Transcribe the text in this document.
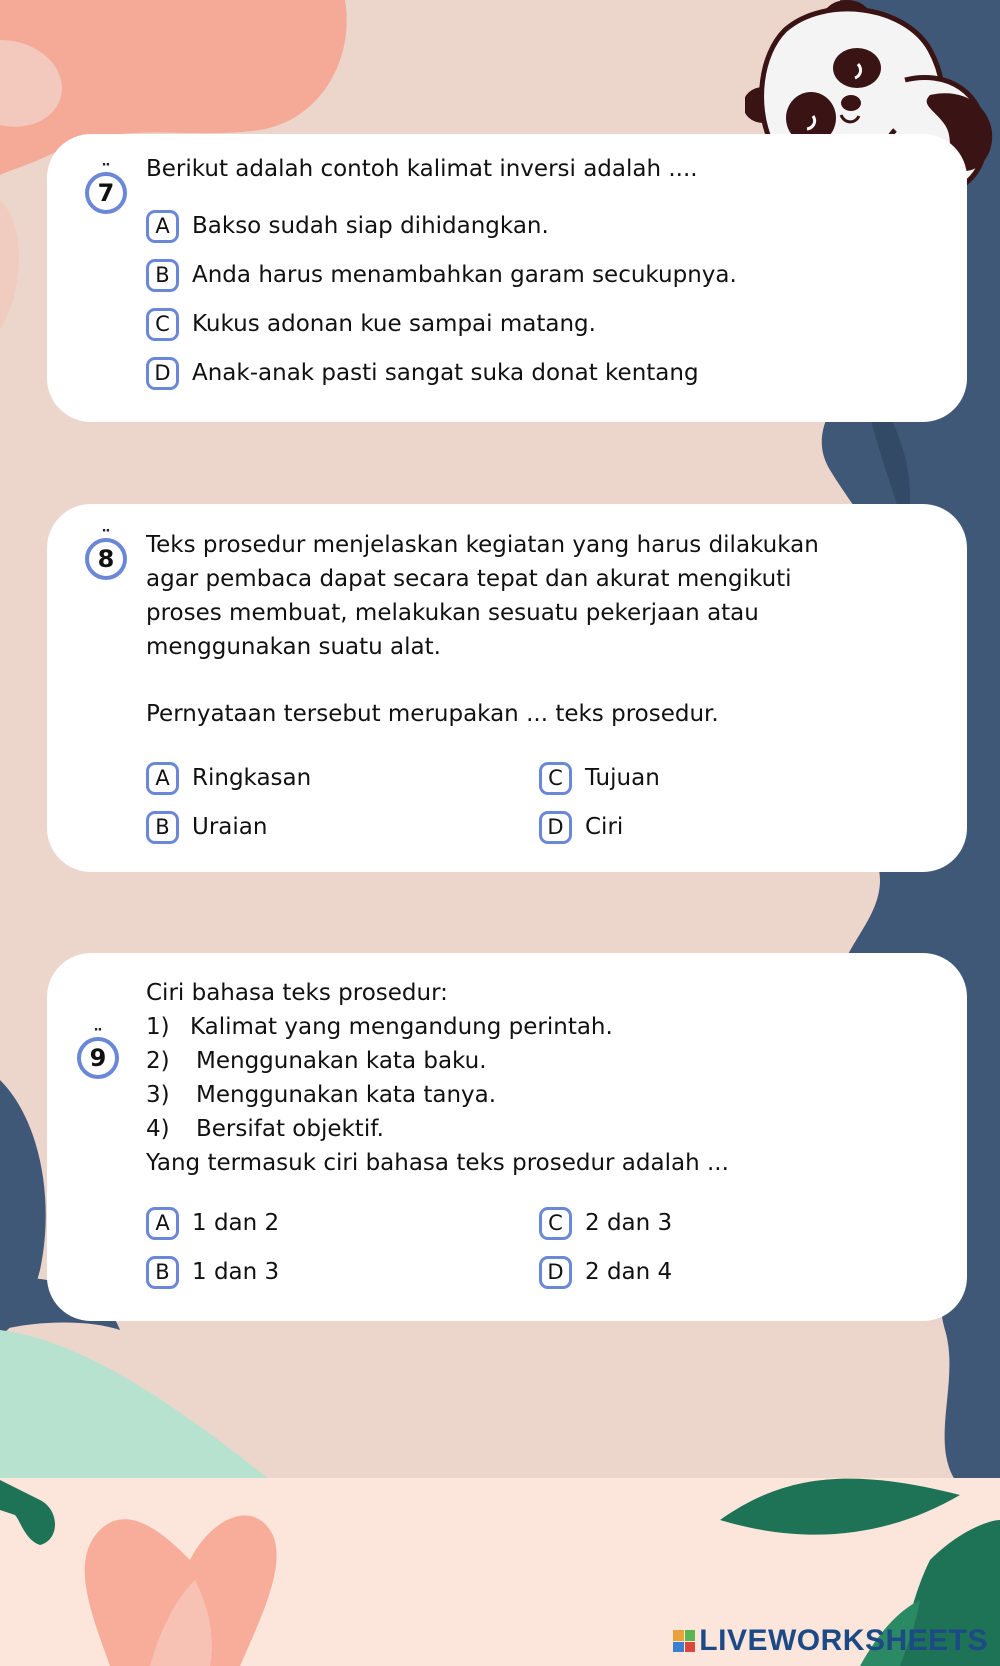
¨ 7
Berikut adalah contoh kalimat inversi adalah ....
A Bakso sudah siap dihidangkan.
B Anda harus menambahkan garam secukupnya.
C Kukus adonan kue sampai matang.
D Anak-anak pasti sangat suka donat kentang
¨ 8	Teks prosedur menjelaskan kegiatan yang harus dilakukan
agar pembaca dapat secara tepat dan akurat mengikuti
proses membuat, melakukan sesuatu pekerjaan atau
menggunakan suatu alat.
Pernyataan tersebut merupakan ... teks prosedur.
A Ringkasan
B Uraian
C Tujuan
D Ciri
¨ 9
Ciri bahasa teks prosedur:
1) Kalimat yang mengandung perintah.
2) Menggunakan kata baku.
3) Menggunakan kata tanya.
4) Bersifat objektif.
Yang termasuk ciri bahasa teks prosedur adalah ...
A 1 dan 2
B 1 dan 3
C 2 dan 3
D 2 dan 4
LIVEWORKSHEETS
